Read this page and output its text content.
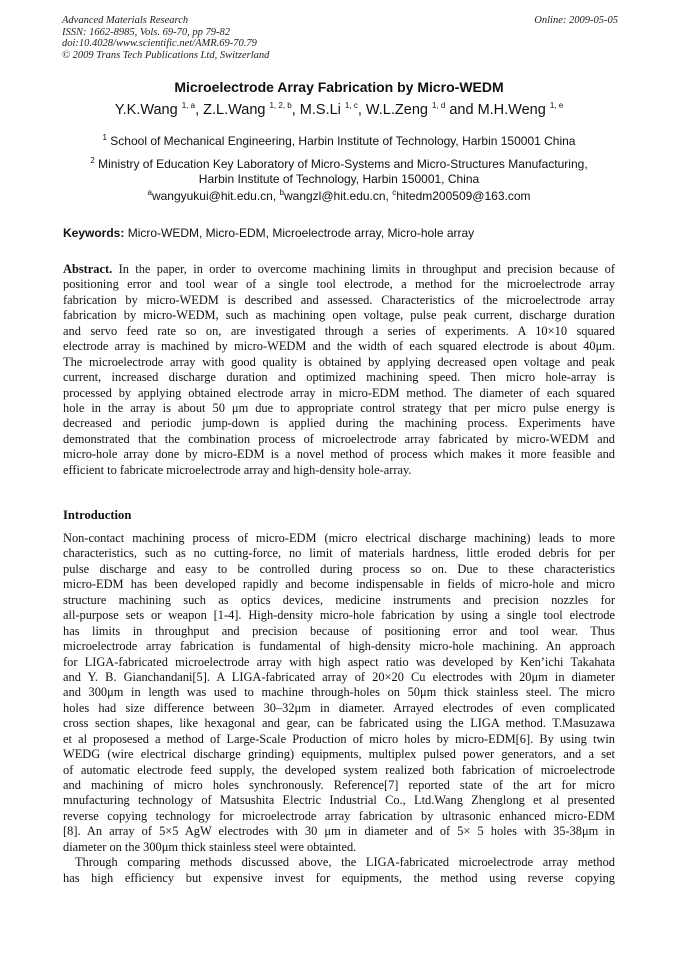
Advanced Materials Research
ISSN: 1662-8985, Vols. 69-70, pp 79-82
doi:10.4028/www.scientific.net/AMR.69-70.79
© 2009 Trans Tech Publications Ltd, Switzerland
Online: 2009-05-05
Microelectrode Array Fabrication by Micro-WEDM
Y.K.Wang $^{1, a}$, Z.L.Wang $^{1, 2, b}$, M.S.Li $^{1, c}$, W.L.Zeng $^{1, d}$ and M.H.Weng $^{1, e}$
$^1$ School of Mechanical Engineering, Harbin Institute of Technology, Harbin 150001 China
$^2$ Ministry of Education Key Laboratory of Micro-Systems and Micro-Structures Manufacturing,
Harbin Institute of Technology, Harbin 150001, China
$^a$wangyukui@hit.edu.cn, $^b$wangzl@hit.edu.cn, $^c$hitedm200509@163.com
Keywords: Micro-WEDM, Micro-EDM, Microelectrode array, Micro-hole array
Abstract. In the paper, in order to overcome machining limits in throughput and precision because of
positioning error and tool wear of a single tool electrode, a method for the microelectrode array
fabrication by micro-WEDM is described and assessed. Characteristics of the microelectrode array
fabrication by micro-WEDM, such as machining open voltage, pulse peak current, discharge duration
and servo feed rate so on, are investigated through a series of experiments. A 10×10 squared
electrode array is machined by micro-WEDM and the width of each squared electrode is about 40μm.
The microelectrode array with good quality is obtained by applying decreased open voltage and peak
current, increased discharge duration and optimized machining speed. Then micro hole-array is
processed by applying obtained electrode array in micro-EDM method. The diameter of each squared
hole in the array is about 50 μm due to appropriate control strategy that per micro pulse energy is
decreased and periodic jump-down is applied during the machining process. Experiments have
demonstrated that the combination process of microelectrode array fabricated by micro-WEDM and
micro-hole array done by micro-EDM is a novel method of process which makes it more feasible and
efficient to fabricate microelectrode array and high-density hole-array.
Introduction
Non-contact machining process of micro-EDM (micro electrical discharge machining) leads to more
characteristics, such as no cutting-force, no limit of materials hardness, little eroded debris for per
pulse discharge and easy to be controlled during process so on. Due to these characteristics
micro-EDM has been developed rapidly and become indispensable in fields of micro-hole and micro
structure machining such as optics devices, medicine instruments and precision nozzles for
all-purpose sets or weapon [1-4]. High-density micro-hole fabrication by using a single tool electrode
has limits in throughput and precision because of positioning error and tool wear. Thus
microelectrode array fabrication is fundamental of high-density micro-hole machining. An approach
for LIGA-fabricated microelectrode array with high aspect ratio was developed by Ken’ichi Takahata
and Y. B. Gianchandani[5]. A LIGA-fabricated array of 20×20 Cu electrodes with 20μm in diameter
and 300μm in length was used to machine through-holes on 50μm thick stainless steel. The micro
holes had size difference between 30–32μm in diameter. Arrayed electrodes of even complicated
cross section shapes, like hexagonal and gear, can be fabricated using the LIGA method. T.Masuzawa
et al proposesed a method of Large-Scale Production of micro holes by micro-EDM[6]. By using twin
WEDG (wire electrical discharge grinding) equipments, multiplex pulsed power generators, and a set
of automatic electrode feed supply, the developed system realized both fabrication of microelectrode
and machining of micro holes synchronously. Reference[7] reported state of the art for micro
mnufacturing technology of Matsushita Electric Industrial Co., Ltd.Wang Zhenglong et al presented
reverse copying technology for microelectrode array fabrication by ultrasonic enhanced micro-EDM
[8]. An array of 5×5 AgW electrodes with 30 μm in diameter and of 5× 5 holes with 35-38μm in
diameter on the 300μm thick stainless steel were obtainted.
Through comparing methods discussed above, the LIGA-fabricated microelectrode array method
has high efficiency but expensive invest for equipments, the method using reverse copying
